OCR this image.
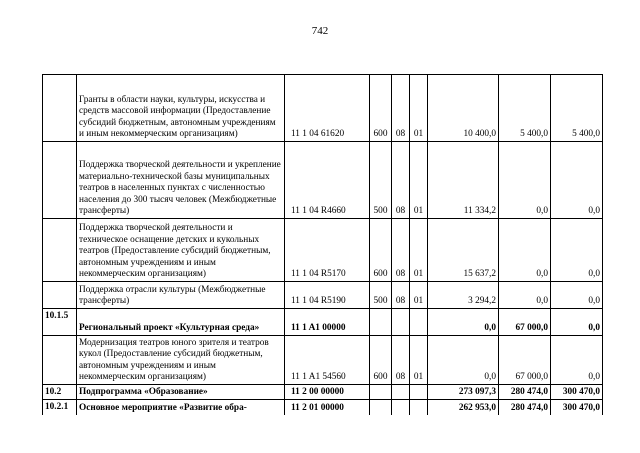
742
	Гранты в области науки, культуры, искусства и средств массовой информации (Предоставление субсидий бюджетным, автономным учреждениям и иным некоммерческим организациям)	11 1 04 61620	600	08	01	10 400,0	5 400,0	5 400,0
	Поддержка творческой деятельности и укрепление материально-технической базы муниципальных театров в населенных пунктах с численностью населения до 300 тысяч человек (Межбюджетные трансферты)	11 1 04 R4660	500	08	01	11 334,2	0,0	0,0
	Поддержка творческой деятельности и техническое оснащение детских и кукольных театров (Предоставление субсидий бюджетным, автономным учреждениям и иным некоммерческим организациям)	11 1 04 R5170	600	08	01	15 637,2	0,0	0,0
	Поддержка отрасли культуры (Межбюджетные трансферты)	11 1 04 R5190	500	08	01	3 294,2	0,0	0,0
10.1.5	Региональный проект «Культурная среда»	11 1 A1 00000				0,0	67 000,0	0,0
	Модернизация театров юного зрителя и театров кукол (Предоставление субсидий бюджетным, автономным учреждениям и иным некоммерческим организациям)	11 1 A1 54560	600	08	01	0,0	67 000,0	0,0
10.2	Подпрограмма «Образование»	11 2 00 00000				273 097,3	280 474,0	300 470,0
10.2.1	Основное мероприятие «Развитие обра-	11 2 01 00000				262 953,0	280 474,0	300 470,0
